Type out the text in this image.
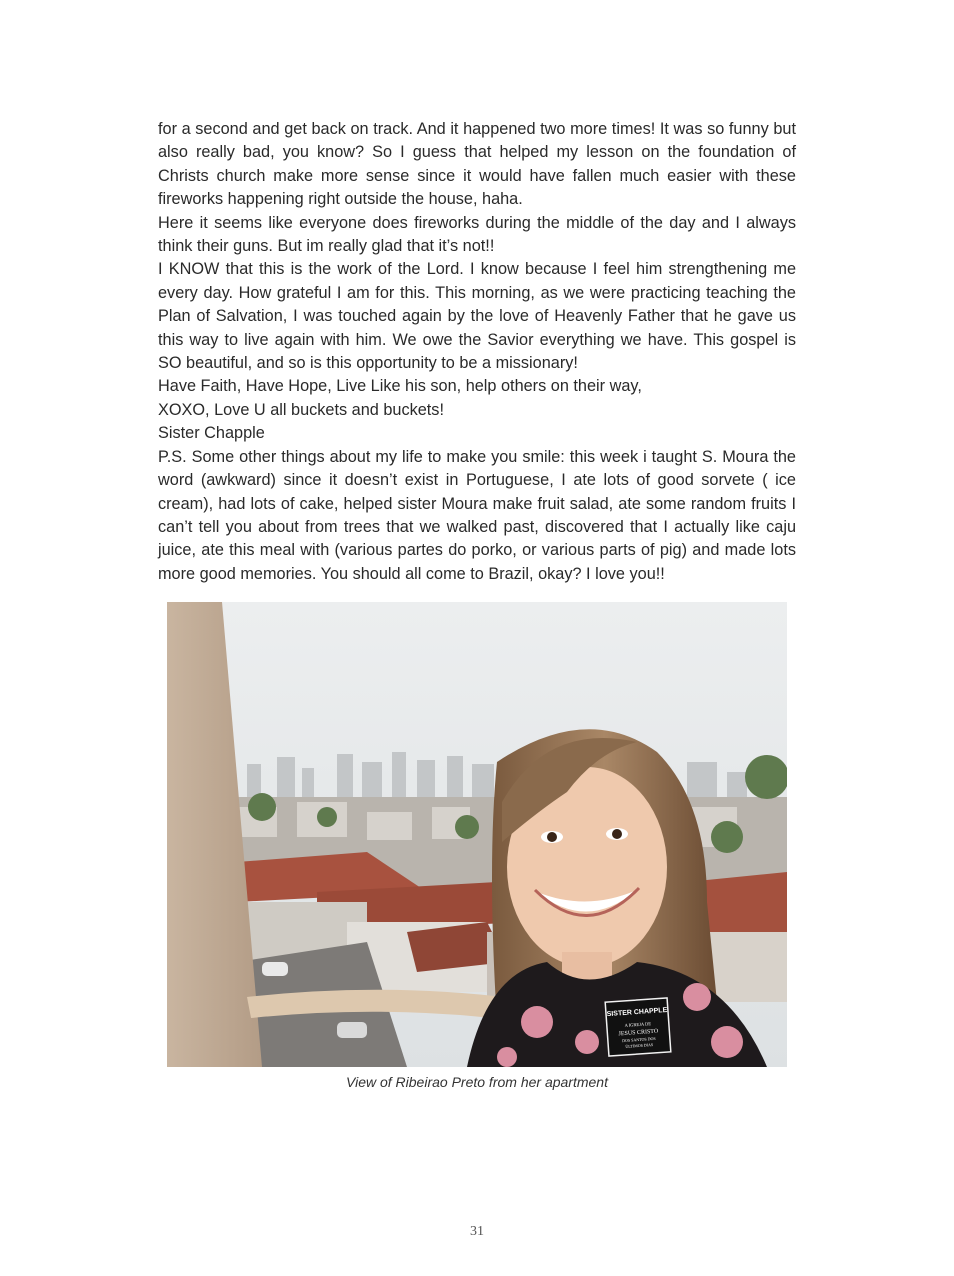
for a second and get back on track. And it happened two more times! It was so funny but also really bad, you know? So I guess that helped my lesson on the foundation of Christs church make more sense since it would have fallen much easier with these fireworks happening right outside the house, haha.

Here it seems like everyone does fireworks during the middle of the day and I always think their guns. But im really glad that it’s not!!

I KNOW that this is the work of the Lord. I know because I feel him strengthening me every day. How grateful I am for this. This morning, as we were practicing teaching the Plan of Salvation, I was touched again by the love of Heavenly Father that he gave us this way to live again with him. We owe the Savior everything we have. This gospel is SO beautiful, and so is this opportunity to be a missionary!

Have Faith, Have Hope, Live Like his son, help others on their way,

XOXO, Love U all buckets and buckets!

Sister Chapple

P.S. Some other things about my life to make you smile: this week i taught S. Moura the word (awkward) since it doesn’t exist in Portuguese, I ate lots of good sorvete ( ice cream), had lots of cake, helped sister Moura make fruit salad, ate some random fruits I can’t tell you about from trees that we walked past, discovered that I actually like caju juice, ate this meal with (various partes do porko, or various parts of pig) and made lots more good memories. You should all come to Brazil, okay? I love you!!

SISTER CHAPPLE
A IGREJA DE
JESUS CRISTO
DOS SANTOS DOS
ÚLTIMOS DIAS
View of Ribeirao Preto from her apartment
31
